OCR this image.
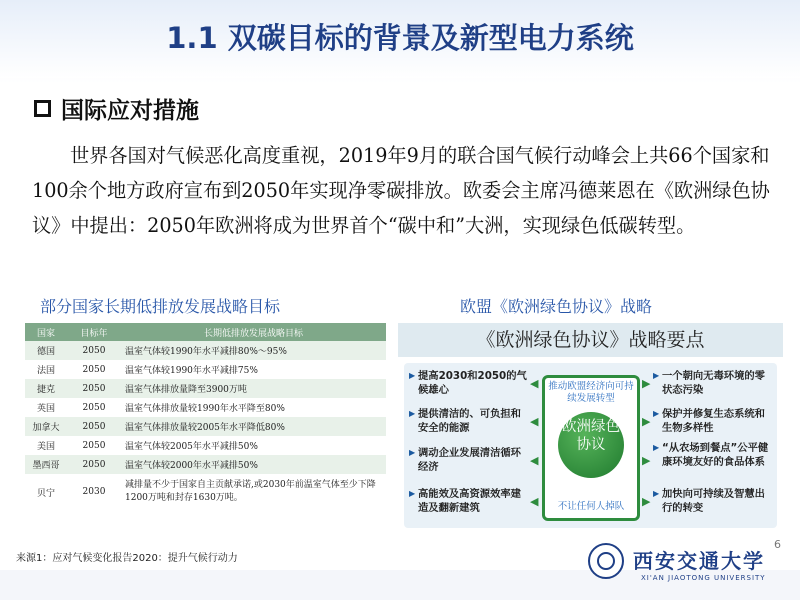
1.1 双碳目标的背景及新型电力系统
国际应对措施
世界各国对气候恶化高度重视，2019年9月的联合国气候行动峰会上共66个国家和100余个地方政府宣布到2050年实现净零碳排放。欧委会主席冯德莱恩在《欧洲绿色协议》中提出：2050年欧洲将成为世界首个“碳中和”大洲，实现绿色低碳转型。
部分国家长期低排放发展战略目标	欧盟《欧洲绿色协议》战略
国家	目标年	长期低排放发展战略目标
德国	2050	温室气体较1990年水平减排80%～95%
法国	2050	温室气体较1990年水平减排75%
捷克	2050	温室气体排放量降至3900万吨
英国	2050	温室气体排放量较1990年水平降至80%
加拿大	2050	温室气体排放量较2005年水平降低80%
美国	2050	温室气体较2005年水平减排50%
墨西哥	2050	温室气体较2000年水平减排50%
贝宁	2030	减排量不少于国家自主贡献承诺,或2030年前温室气体至少下降1200万吨和封存1630万吨。
《欧洲绿色协议》战略要点
▶ 提高2030和2050的气候雄心
▶ 提供清洁的、可负担和安全的能源
▶ 调动企业发展清洁循环经济
▶ 高能效及高资源效率建造及翻新建筑
◀
◀
◀
◀
推动欧盟经济向可持续发展转型
欧洲绿色协议
不让任何人掉队
▶
▶
▶
▶
▶ 一个朝向无毒环境的零状态污染
▶ 保护并修复生态系统和生物多样性
▶ “从农场到餐点”公平健康环境友好的食品体系
▶ 加快向可持续及智慧出行的转变
来源1：应对气候变化报告2020：提升气候行动力
6
西安交通大学
XI'AN JIAOTONG UNIVERSITY
